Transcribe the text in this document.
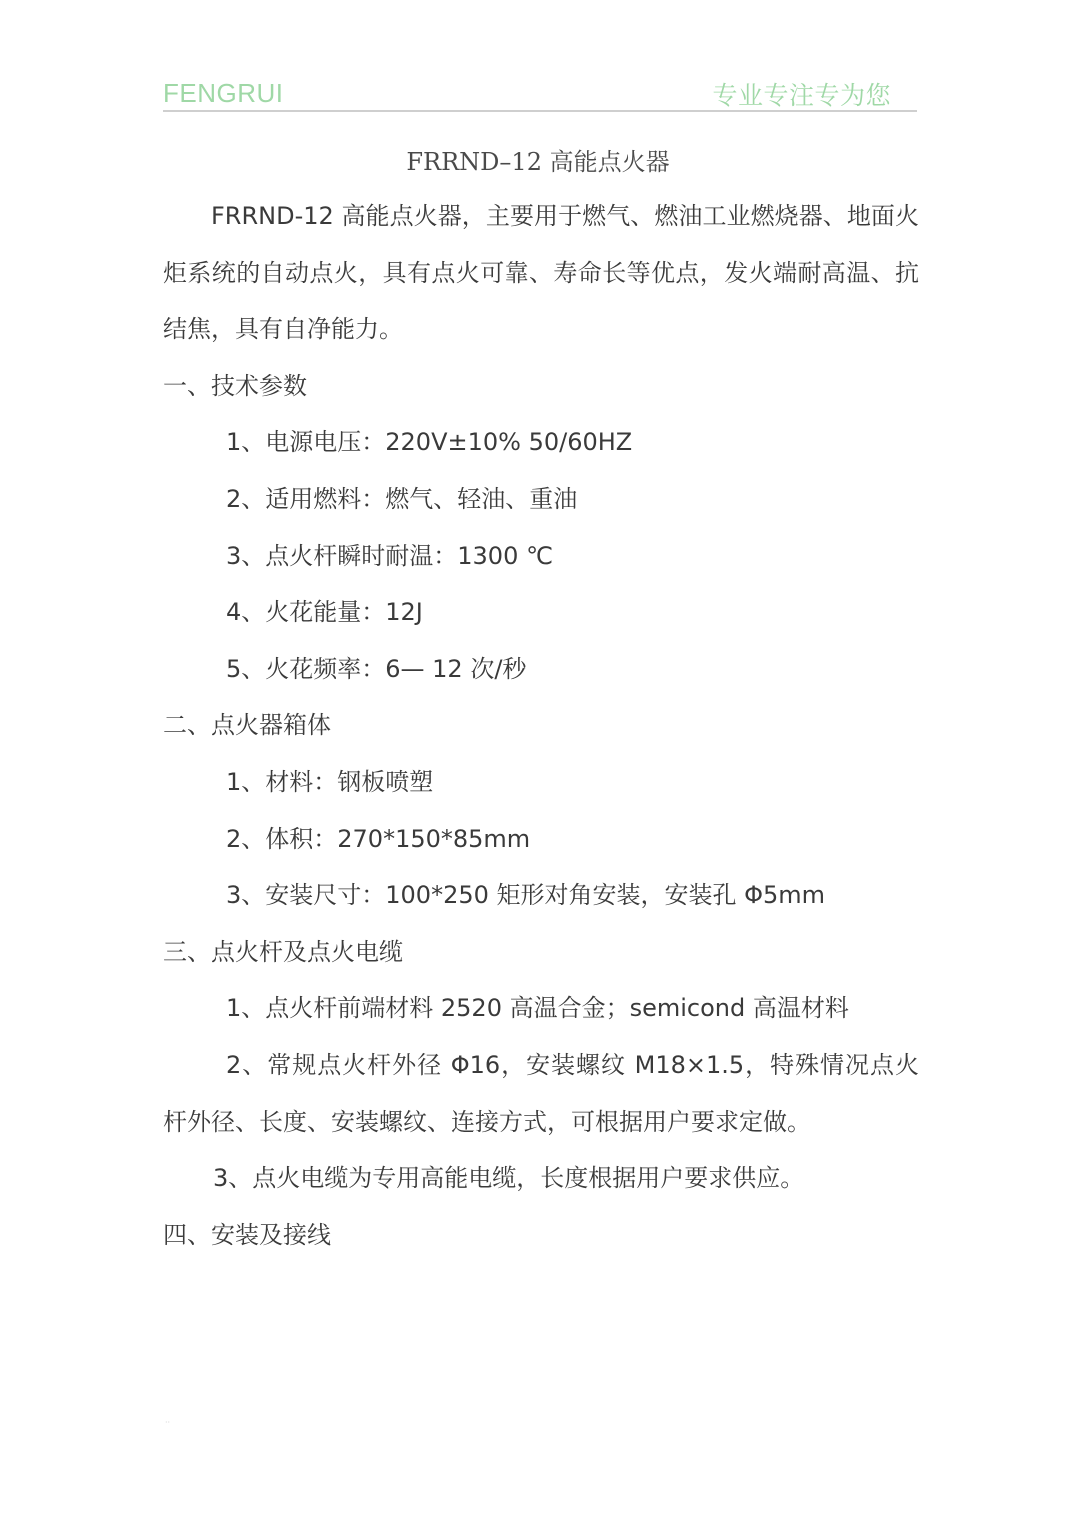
FENGRUI	专业专注专为您
FRRND–12 高能点火器

FRRND-12 高能点火器，主要用于燃气、燃油工业燃烧器、地面火炬系统的自动点火，具有点火可靠、寿命长等优点，发火端耐高温、抗结焦，具有自净能力。

一、技术参数

1、电源电压：220V±10% 50/60HZ

2、适用燃料：燃气、轻油、重油

3、点火杆瞬时耐温：1300 ℃

4、火花能量：12J

5、火花频率：6— 12 次/秒

二、点火器箱体

1、材料：钢板喷塑

2、体积：270*150*85mm

3、安装尺寸：100*250 矩形对角安装，安装孔 Φ5mm

三、点火杆及点火电缆

1、点火杆前端材料 2520 高温合金；semicond 高温材料

2、常规点火杆外径 Φ16，安装螺纹 M18×1.5，特殊情况点火杆外径、长度、安装螺纹、连接方式，可根据用户要求定做。

3、点火电缆为专用高能电缆，长度根据用户要求供应。

四、安装及接线

··
